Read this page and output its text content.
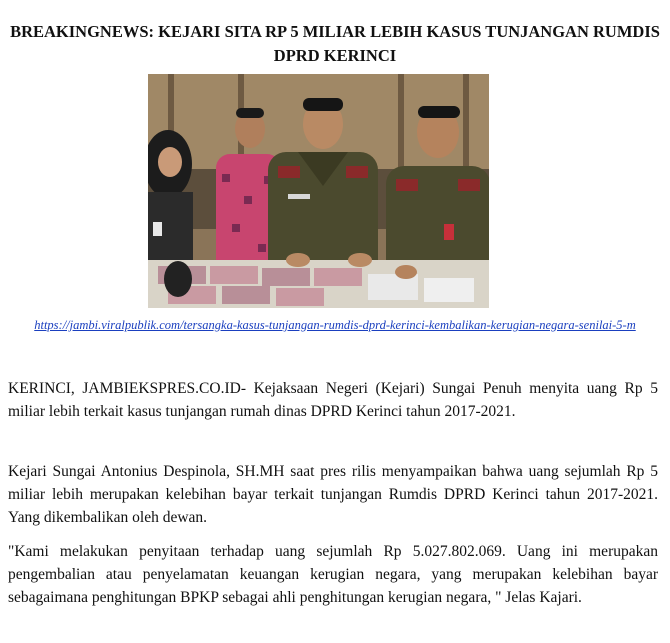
BREAKINGNEWS: KEJARI SITA RP 5 MILIAR LEBIH KASUS TUNJANGAN RUMDIS DPRD KERINCI
https://jambi.viralpublik.com/tersangka-kasus-tunjangan-rumdis-dprd-kerinci-kembalikan-kerugian-negara-senilai-5-m

KERINCI, JAMBIEKSPRES.CO.ID- Kejaksaan Negeri (Kejari) Sungai Penuh menyita uang Rp 5 miliar lebih terkait kasus tunjangan rumah dinas DPRD Kerinci tahun 2017-2021.

Kejari Sungai Antonius Despinola, SH.MH saat pres rilis menyampaikan bahwa uang sejumlah Rp 5 miliar lebih merupakan kelebihan bayar terkait tunjangan Rumdis DPRD Kerinci tahun 2017-2021. Yang dikembalikan oleh dewan.

"Kami melakukan penyitaan terhadap uang sejumlah Rp 5.027.802.069. Uang ini merupakan pengembalian atau penyelamatan keuangan kerugian negara, yang merupakan kelebihan bayar sebagaimana penghitungan BPKP sebagai ahli penghitungan kerugian negara, " Jelas Kajari.
